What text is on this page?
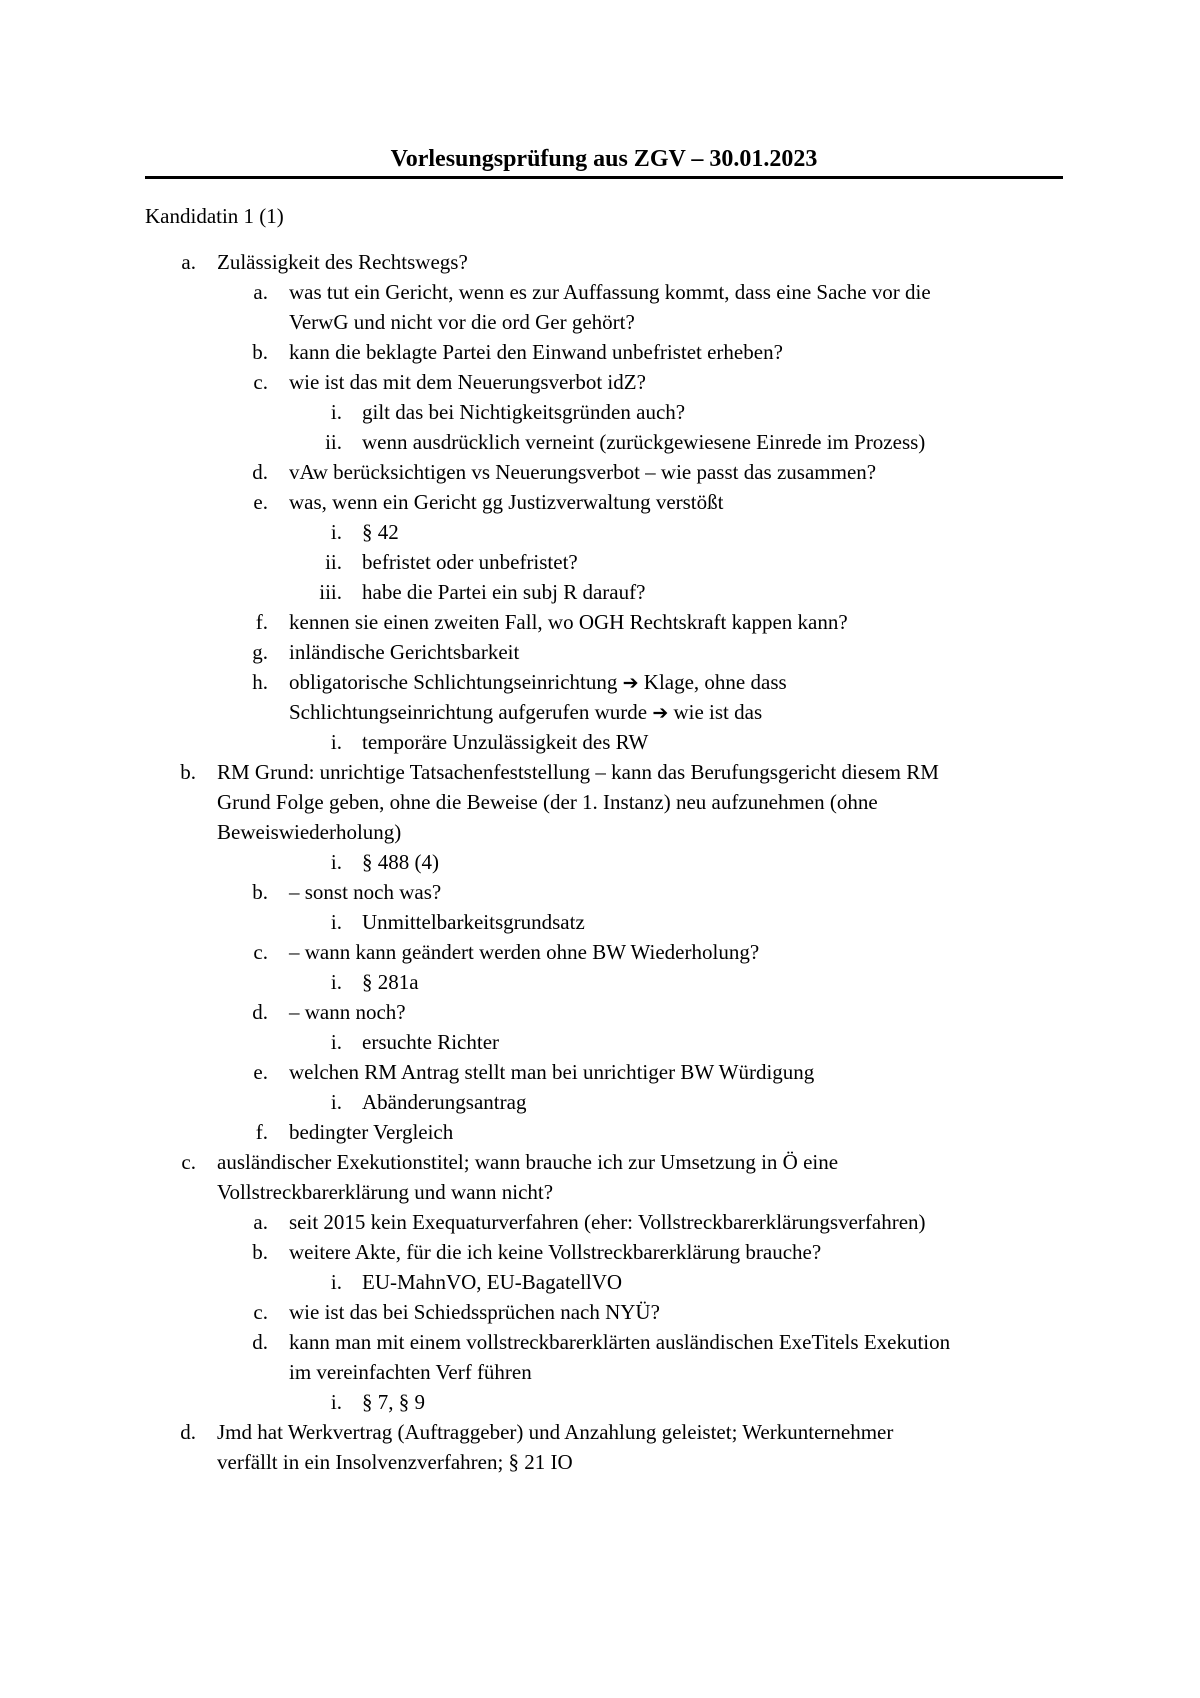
Vorlesungsprüfung aus ZGV – 30.01.2023
Kandidatin 1 (1)
a. Zulässigkeit des Rechtswegs?
a. was tut ein Gericht, wenn es zur Auffassung kommt, dass eine Sache vor die
VerwG und nicht vor die ord Ger gehört?
b. kann die beklagte Partei den Einwand unbefristet erheben?
c. wie ist das mit dem Neuerungsverbot idZ?
i. gilt das bei Nichtigkeitsgründen auch?
ii. wenn ausdrücklich verneint (zurückgewiesene Einrede im Prozess)
d. vAw berücksichtigen vs Neuerungsverbot – wie passt das zusammen?
e. was, wenn ein Gericht gg Justizverwaltung verstößt
i. § 42
ii. befristet oder unbefristet?
iii. habe die Partei ein subj R darauf?
f. kennen sie einen zweiten Fall, wo OGH Rechtskraft kappen kann?
g. inländische Gerichtsbarkeit
h. obligatorische Schlichtungseinrichtung ➔ Klage, ohne dass
Schlichtungseinrichtung aufgerufen wurde ➔ wie ist das
i. temporäre Unzulässigkeit des RW
b. RM Grund: unrichtige Tatsachenfeststellung – kann das Berufungsgericht diesem RM
Grund Folge geben, ohne die Beweise (der 1. Instanz) neu aufzunehmen (ohne
Beweiswiederholung)
i. § 488 (4)
b. – sonst noch was?
i. Unmittelbarkeitsgrundsatz
c. – wann kann geändert werden ohne BW Wiederholung?
i. § 281a
d. – wann noch?
i. ersuchte Richter
e. welchen RM Antrag stellt man bei unrichtiger BW Würdigung
i. Abänderungsantrag
f. bedingter Vergleich
c. ausländischer Exekutionstitel; wann brauche ich zur Umsetzung in Ö eine
Vollstreckbarerklärung und wann nicht?
a. seit 2015 kein Exequaturverfahren (eher: Vollstreckbarerklärungsverfahren)
b. weitere Akte, für die ich keine Vollstreckbarerklärung brauche?
i. EU-MahnVO, EU-BagatellVO
c. wie ist das bei Schiedssprüchen nach NYÜ?
d. kann man mit einem vollstreckbarerklärten ausländischen ExeTitels Exekution
im vereinfachten Verf führen
i. § 7, § 9
d. Jmd hat Werkvertrag (Auftraggeber) und Anzahlung geleistet; Werkunternehmer
verfällt in ein Insolvenzverfahren; § 21 IO
